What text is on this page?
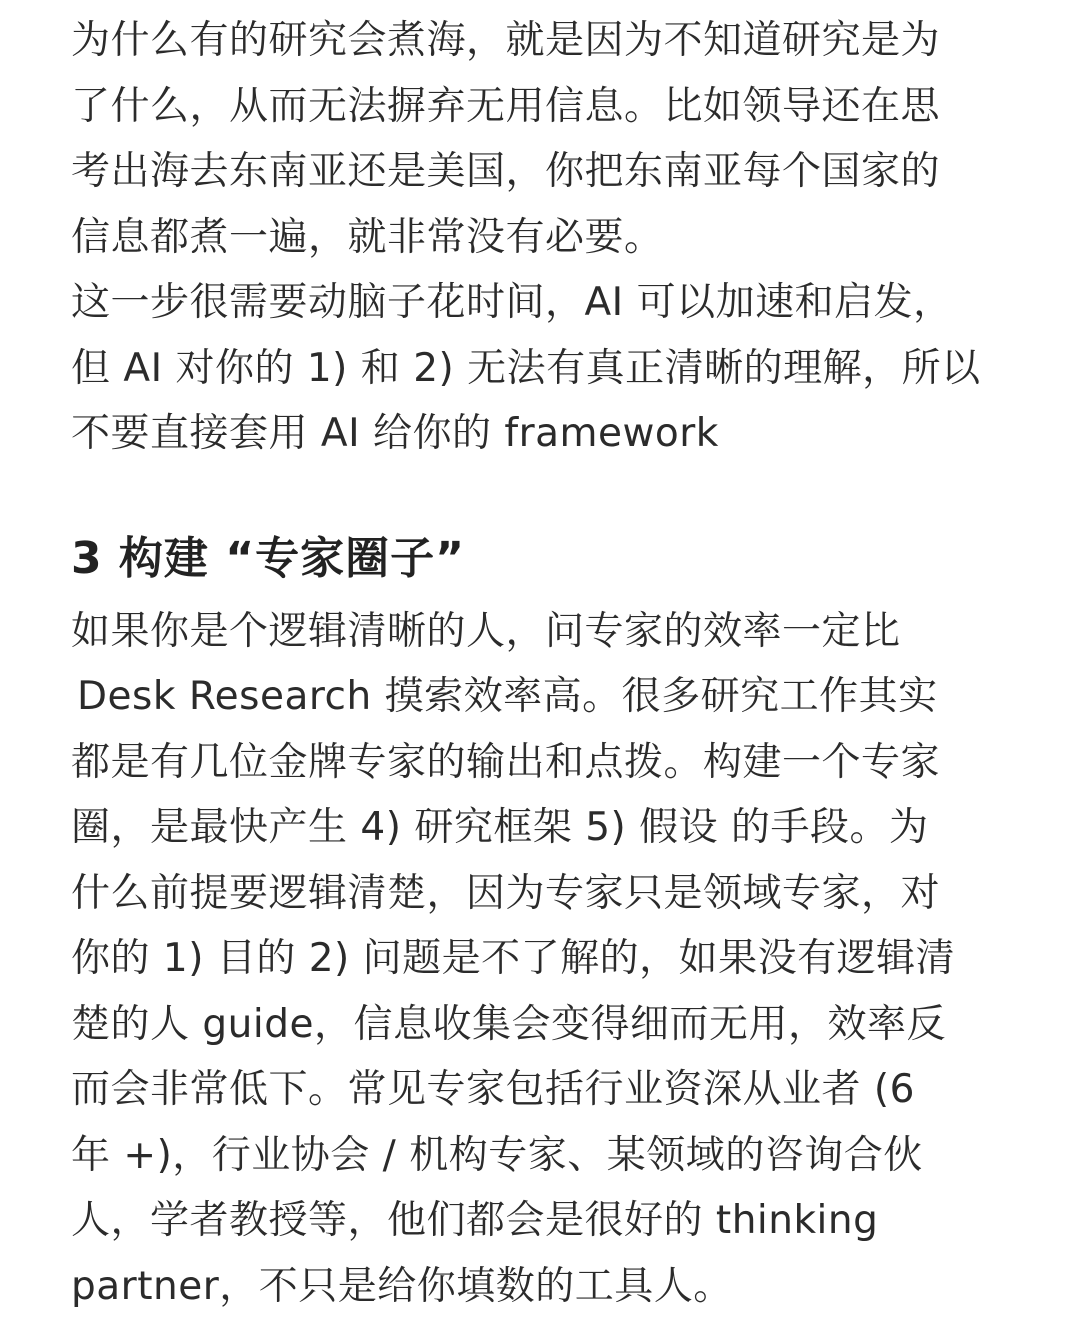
为什么有的研究会煮海，就是因为不知道研究是为
了什么，从而无法摒弃无用信息。比如领导还在思
考出海去东南亚还是美国，你把东南亚每个国家的
信息都煮一遍，就非常没有必要。
这一步很需要动脑子花时间，AI 可以加速和启发，
但 AI 对你的 1) 和 2) 无法有真正清晰的理解，所以
不要直接套用 AI 给你的 framework
3 构建 “专家圈子”
如果你是个逻辑清晰的人，问专家的效率一定比
Desk Research 摸索效率高。很多研究工作其实
都是有几位金牌专家的输出和点拨。构建一个专家
圈，是最快产生 4) 研究框架 5) 假设 的手段。为
什么前提要逻辑清楚，因为专家只是领域专家，对
你的 1) 目的 2) 问题是不了解的，如果没有逻辑清
楚的人 guide，信息收集会变得细而无用，效率反
而会非常低下。常见专家包括行业资深从业者 (6
年 +)，行业协会 / 机构专家、某领域的咨询合伙
人，学者教授等，他们都会是很好的 thinking
partner，不只是给你填数的工具人。
